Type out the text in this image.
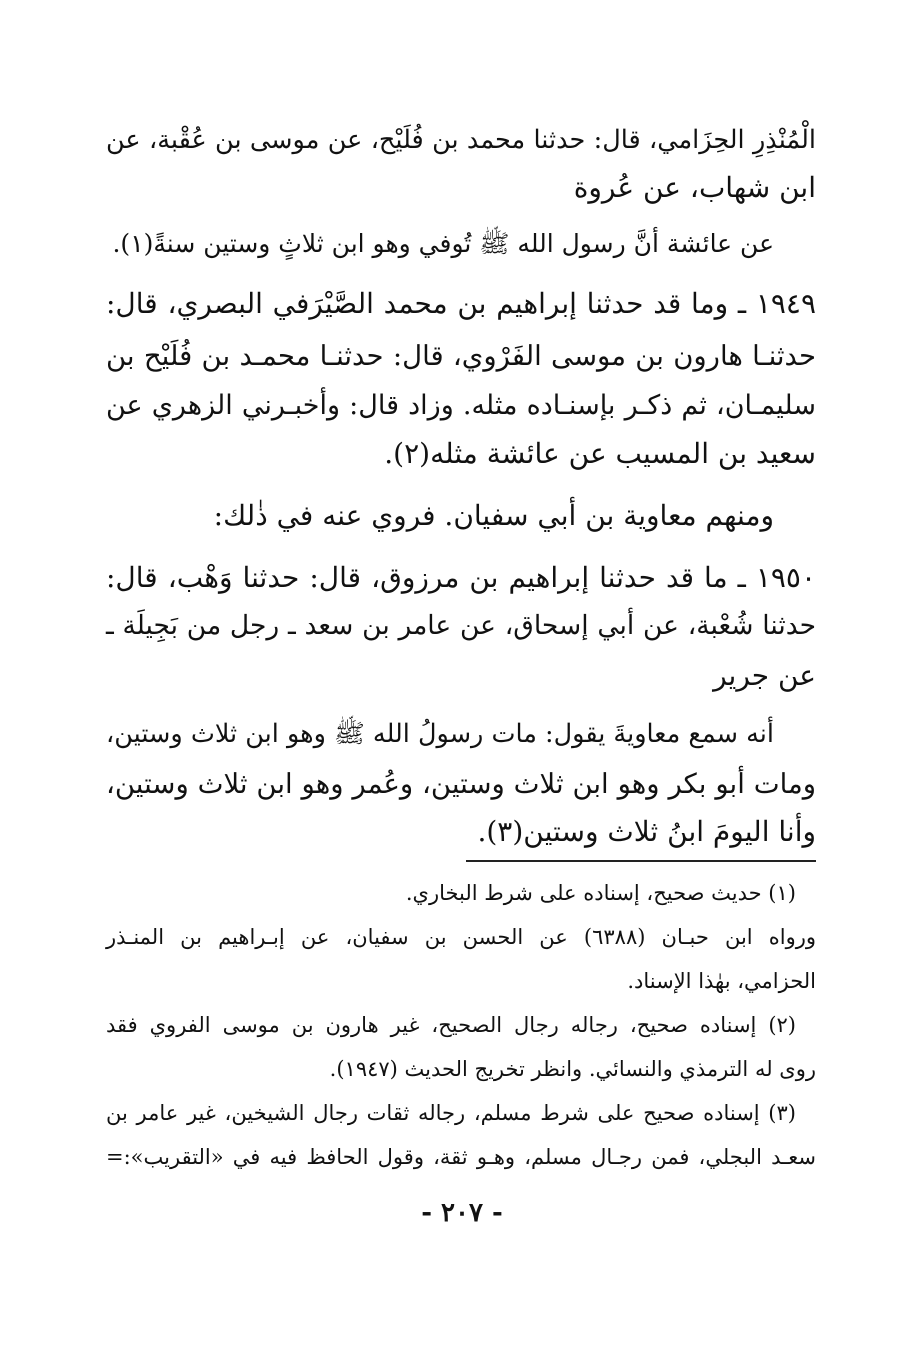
الْمُنْذِرِ الحِزَامي، قال: حدثنا محمد بن فُلَيْح، عن موسى بن عُقْبة، عن
ابن شهاب، عن عُروة
عن عائشة أنَّ رسول الله ﷺ تُوفي وهو ابن ثلاثٍ وستين سنةً(١).
١٩٤٩ ـ وما قد حدثنا إبراهيم بن محمد الصَّيْرَفي البصري، قال:
حدثنـا هارون بن موسى الفَرْوي، قال: حدثنـا محمـد بن فُلَيْح بن
سليمـان، ثم ذكـر بإسنـاده مثله. وزاد قال: وأخبـرني الزهري عن
سعيد بن المسيب عن عائشة مثله(٢).
ومنهم معاوية بن أبي سفيان. فروي عنه في ذٰلك:
١٩٥٠ ـ ما قد حدثنا إبراهيم بن مرزوق، قال: حدثنا وَهْب، قال:
حدثنا شُعْبة، عن أبي إسحاق، عن عامر بن سعد ـ رجل من بَجِيلَة ـ
عن جرير
أنه سمع معاويةَ يقول: مات رسولُ الله ﷺ وهو ابن ثلاث وستين،
ومات أبو بكر وهو ابن ثلاث وستين، وعُمر وهو ابن ثلاث وستين،
وأنا اليومَ ابنُ ثلاث وستين(٣).
(١) حديث صحيح، إسناده على شرط البخاري.
ورواه ابن حبـان (٦٣٨٨) عن الحسن بن سفيان، عن إبـراهيم بن المنـذر
الحزامي، بهٰذا الإسناد.
(٢) إسناده صحيح، رجاله رجال الصحيح، غير هارون بن موسى الفروي فقد
روى له الترمذي والنسائي. وانظر تخريج الحديث (١٩٤٧).
(٣) إسناده صحيح على شرط مسلم، رجاله ثقات رجال الشيخين، غير عامر بن
سعـد البجلي، فمن رجـال مسلم، وهـو ثقة، وقول الحافظ فيه في «التقريب»:=
- ٢٠٧ -
